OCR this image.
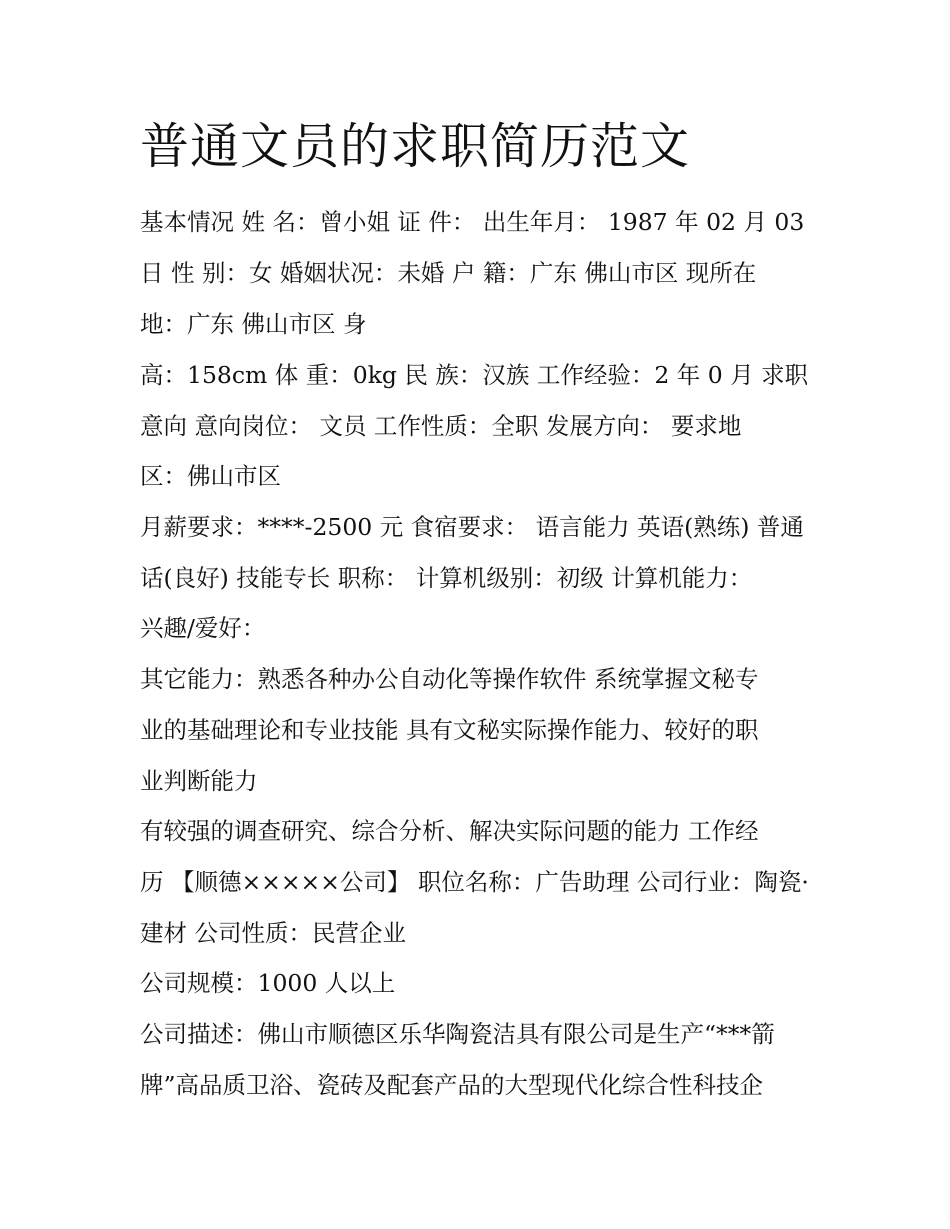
普通文员的求职简历范文
基本情况 姓 名：曾小姐 证 件： 出生年月： 1987 年 02 月 03
日 性 别：女 婚姻状况：未婚 户 籍：广东 佛山市区 现所在
地：广东 佛山市区 身
高：158cm 体 重：0kg 民 族：汉族 工作经验：2 年 0 月 求职
意向 意向岗位： 文员 工作性质：全职 发展方向： 要求地
区：佛山市区
月薪要求：****-2500 元 食宿要求： 语言能力 英语(熟练) 普通
话(良好) 技能专长 职称： 计算机级别：初级 计算机能力：
兴趣/爱好：
其它能力：熟悉各种办公自动化等操作软件 系统掌握文秘专
业的基础理论和专业技能 具有文秘实际操作能力、较好的职
业判断能力
有较强的调查研究、综合分析、解决实际问题的能力 工作经
历 【顺德×××××公司】 职位名称：广告助理 公司行业：陶瓷·
建材 公司性质：民营企业
公司规模：1000 人以上
公司描述：佛山市顺德区乐华陶瓷洁具有限公司是生产“***箭
牌”高品质卫浴、瓷砖及配套产品的大型现代化综合性科技企
